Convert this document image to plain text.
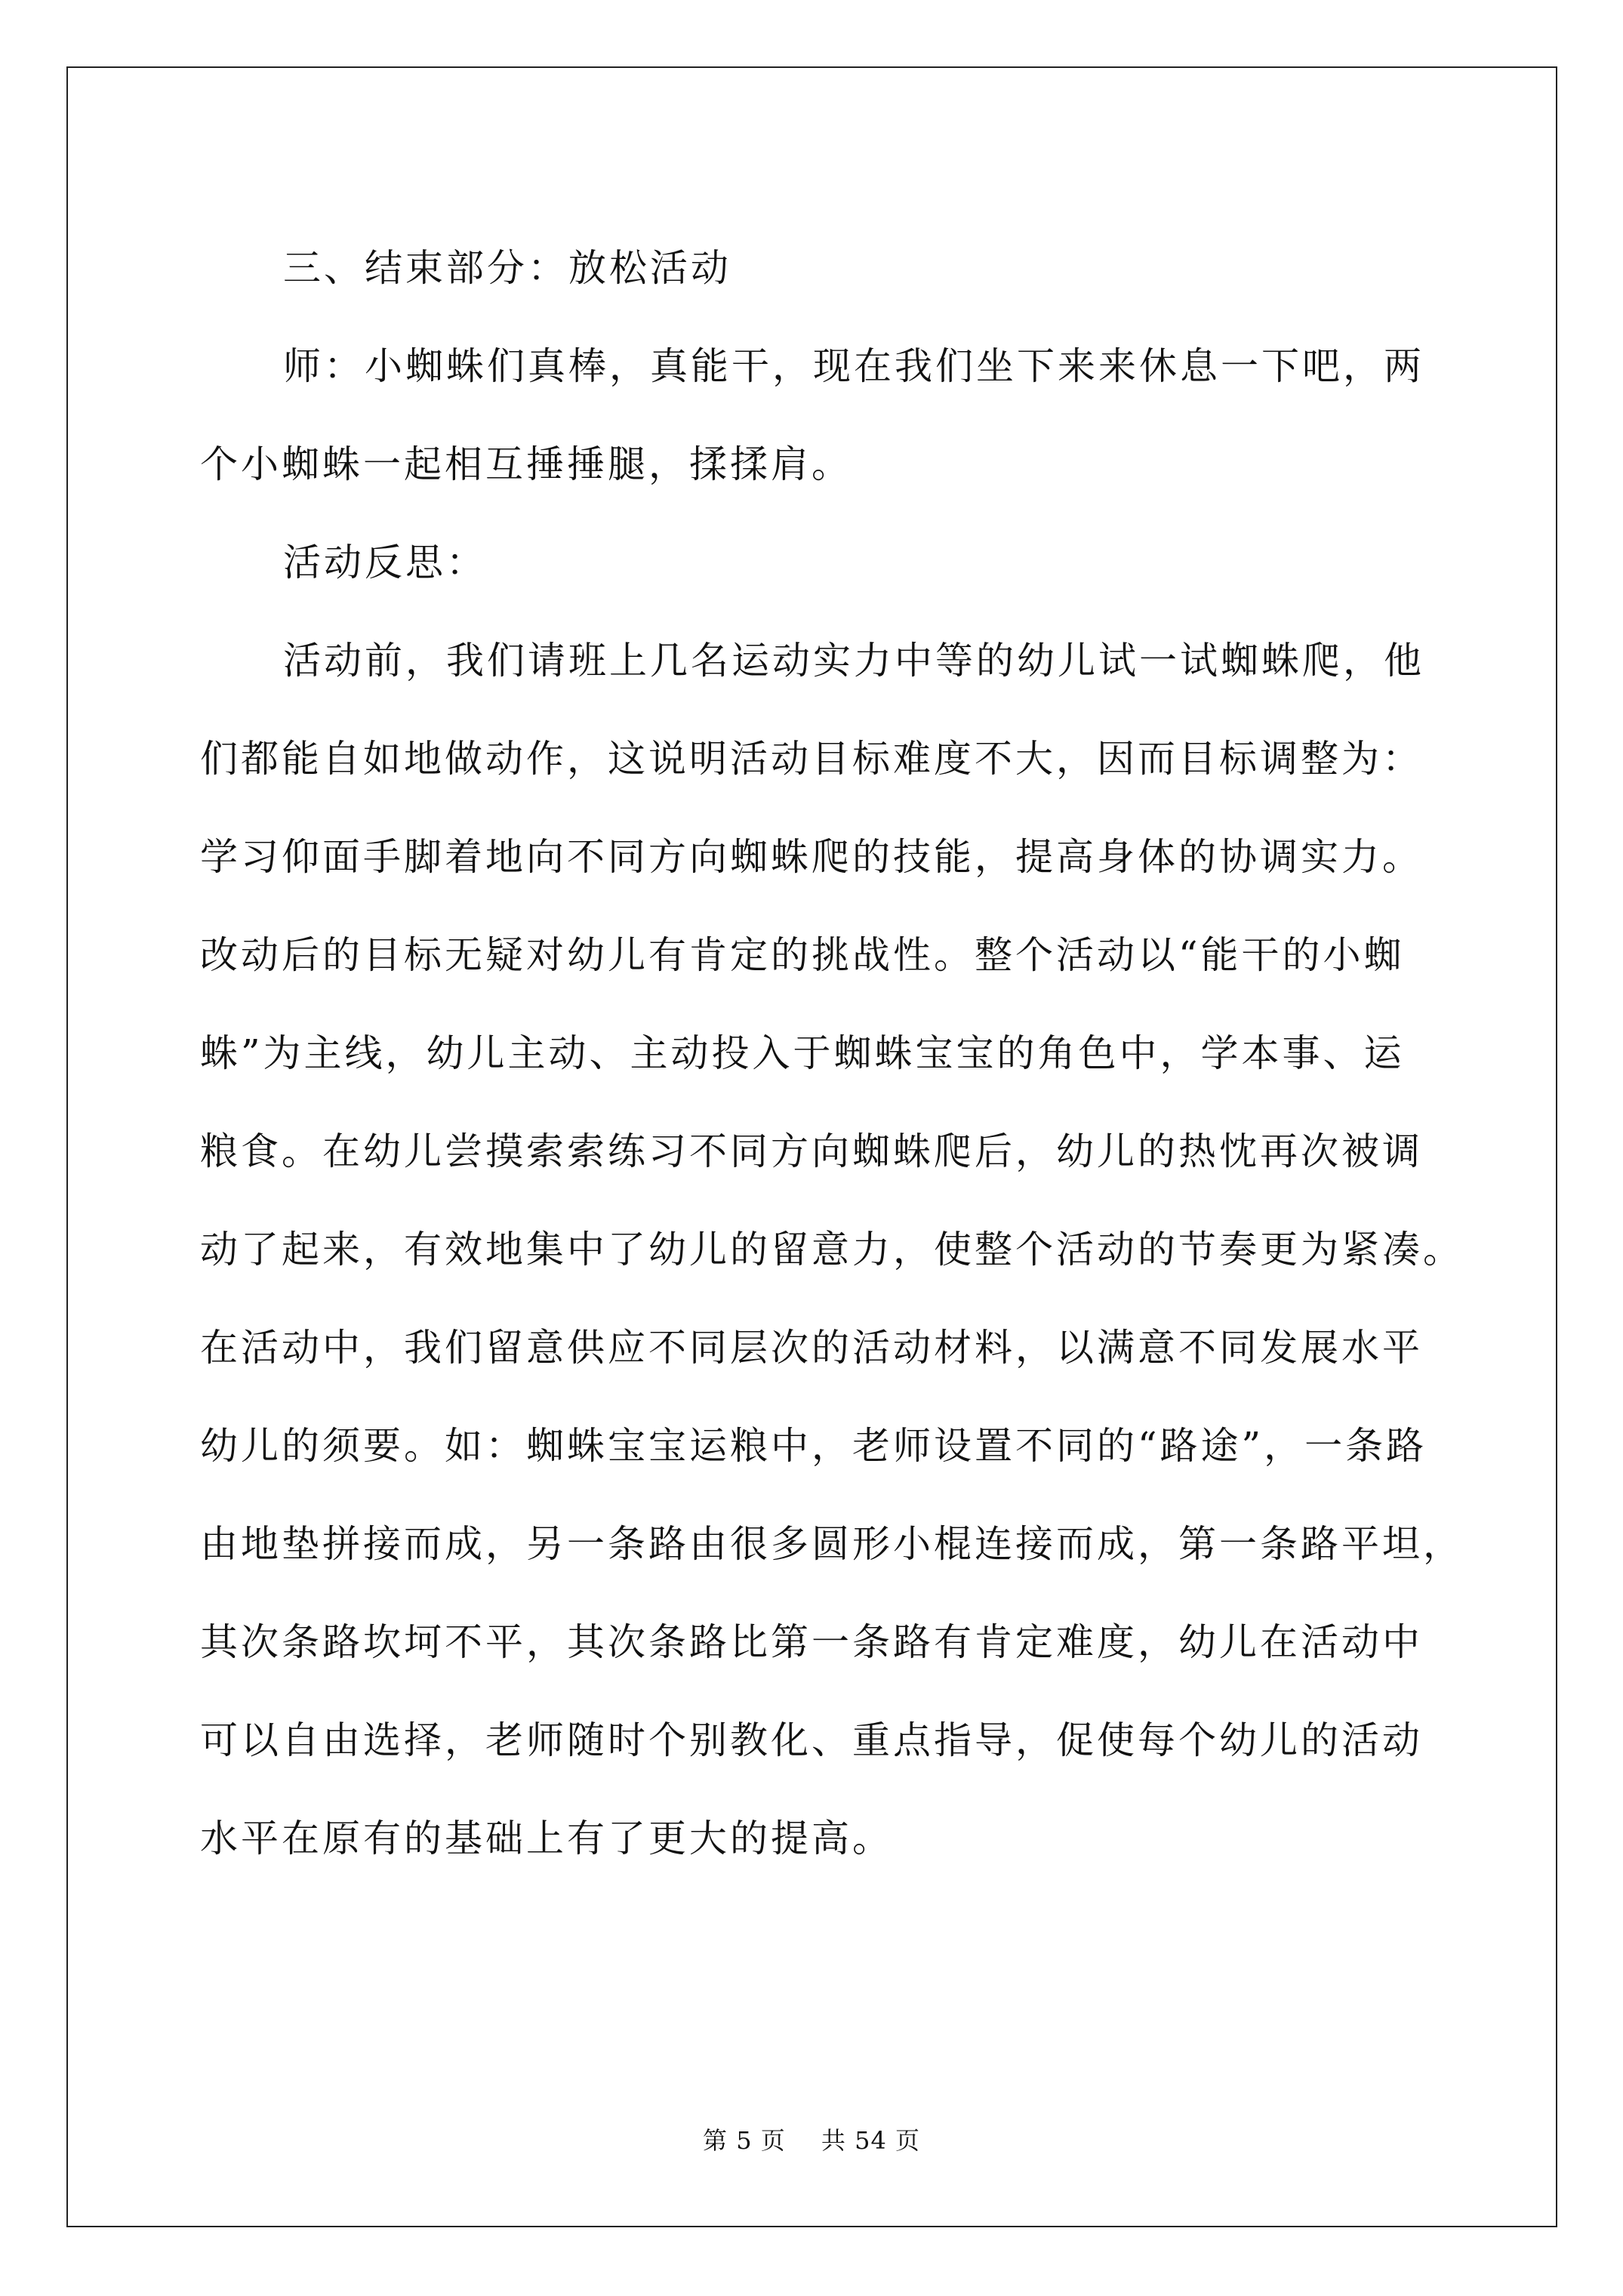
三、结束部分：放松活动
师：小蜘蛛们真棒，真能干，现在我们坐下来来休息一下吧，两
个小蜘蛛一起相互捶捶腿，揉揉肩。
活动反思：
活动前，我们请班上几名运动实力中等的幼儿试一试蜘蛛爬，他
们都能自如地做动作，这说明活动目标难度不大，因而目标调整为：
学习仰面手脚着地向不同方向蜘蛛爬的技能，提高身体的协调实力。
改动后的目标无疑对幼儿有肯定的挑战性。整个活动以“能干的小蜘
蛛”为主线，幼儿主动、主动投入于蜘蛛宝宝的角色中，学本事、运
粮食。在幼儿尝摸索索练习不同方向蜘蛛爬后，幼儿的热忱再次被调
动了起来，有效地集中了幼儿的留意力，使整个活动的节奏更为紧凑。
在活动中，我们留意供应不同层次的活动材料，以满意不同发展水平
幼儿的须要。如：蜘蛛宝宝运粮中，老师设置不同的“路途”，一条路
由地垫拼接而成，另一条路由很多圆形小棍连接而成，第一条路平坦，
其次条路坎坷不平，其次条路比第一条路有肯定难度，幼儿在活动中
可以自由选择，老师随时个别教化、重点指导，促使每个幼儿的活动
水平在原有的基础上有了更大的提高。
第 5 页 共 54 页
